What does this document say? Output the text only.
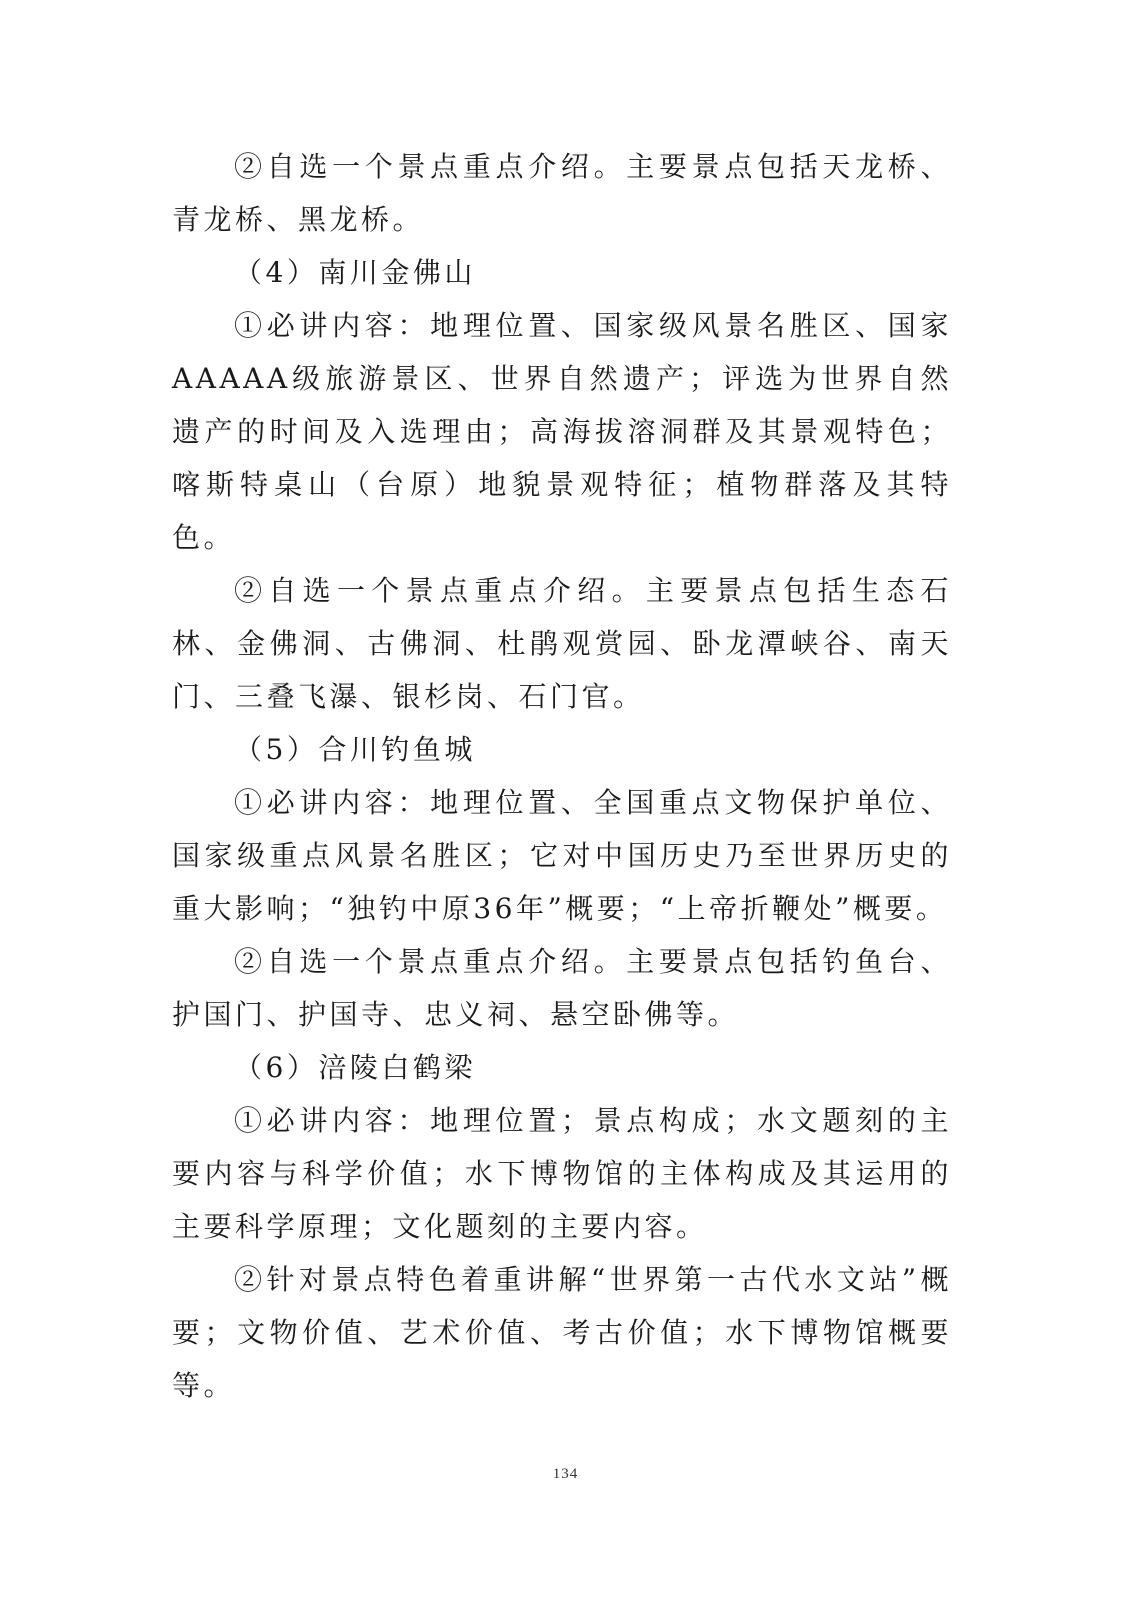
②自选一个景点重点介绍。主要景点包括天龙桥、青龙桥、黑龙桥。

（4）南川金佛山

①必讲内容：地理位置、国家级风景名胜区、国家AAAAA级旅游景区、世界自然遗产；评选为世界自然遗产的时间及入选理由；高海拔溶洞群及其景观特色；喀斯特桌山（台原）地貌景观特征；植物群落及其特色。

②自选一个景点重点介绍。主要景点包括生态石林、金佛洞、古佛洞、杜鹃观赏园、卧龙潭峡谷、南天门、三叠飞瀑、银杉岗、石门官。

（5）合川钓鱼城

①必讲内容：地理位置、全国重点文物保护单位、国家级重点风景名胜区；它对中国历史乃至世界历史的重大影响；“独钓中原36年”概要；“上帝折鞭处”概要。

②自选一个景点重点介绍。主要景点包括钓鱼台、护国门、护国寺、忠义祠、悬空卧佛等。

（6）涪陵白鹤梁

①必讲内容：地理位置；景点构成；水文题刻的主要内容与科学价值；水下博物馆的主体构成及其运用的主要科学原理；文化题刻的主要内容。

②针对景点特色着重讲解“世界第一古代水文站”概要；文物价值、艺术价值、考古价值；水下博物馆概要等。

134
